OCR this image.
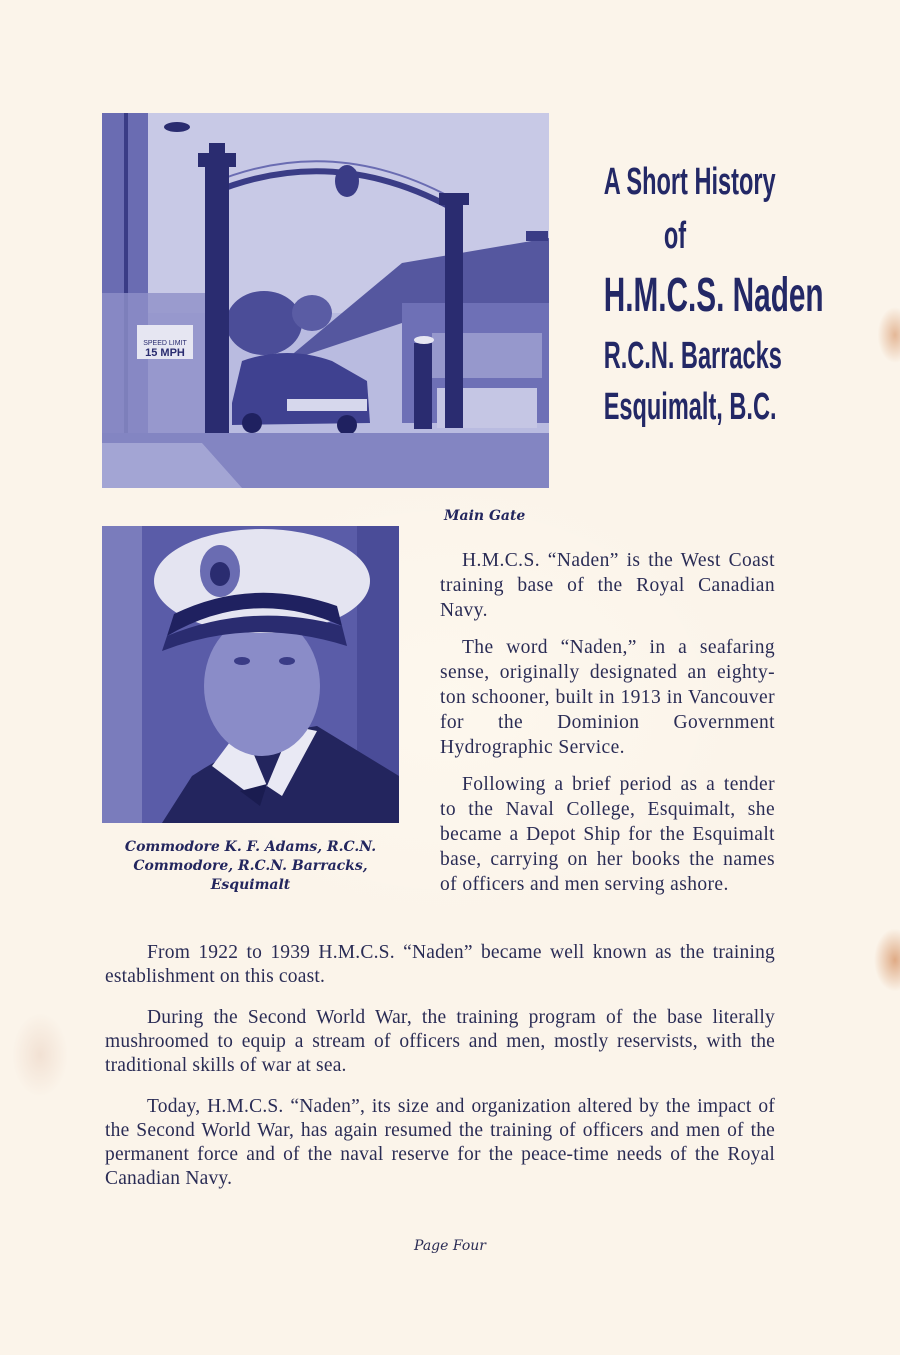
SPEED LIMIT
15 MPH
A Short History
of
H.M.C.S. Naden
R.C.N. Barracks
Esquimalt, B.C.
Main Gate
Commodore K. F. Adams, R.C.N.
Commodore, R.C.N. Barracks,
Esquimalt

H.M.C.S. “Naden” is the West Coast training base of the Royal Canadian Navy.

The word “Naden,” in a seafaring sense, originally designated an eighty-ton schooner, built in 1913 in Vancouver for the Dominion Government Hydrographic Service.

Following a brief period as a tender to the Naval College, Esquimalt, she became a Depot Ship for the Esquimalt base, carrying on her books the names of officers and men serving ashore.

From 1922 to 1939 H.M.C.S. “Naden” became well known as the training establishment on this coast.

During the Second World War, the training program of the base literally mushroomed to equip a stream of officers and men, mostly reservists, with the traditional skills of war at sea.

Today, H.M.C.S. “Naden”, its size and organization altered by the impact of the Second World War, has again resumed the training of officers and men of the permanent force and of the naval reserve for the peace-time needs of the Royal Canadian Navy.

Page Four
